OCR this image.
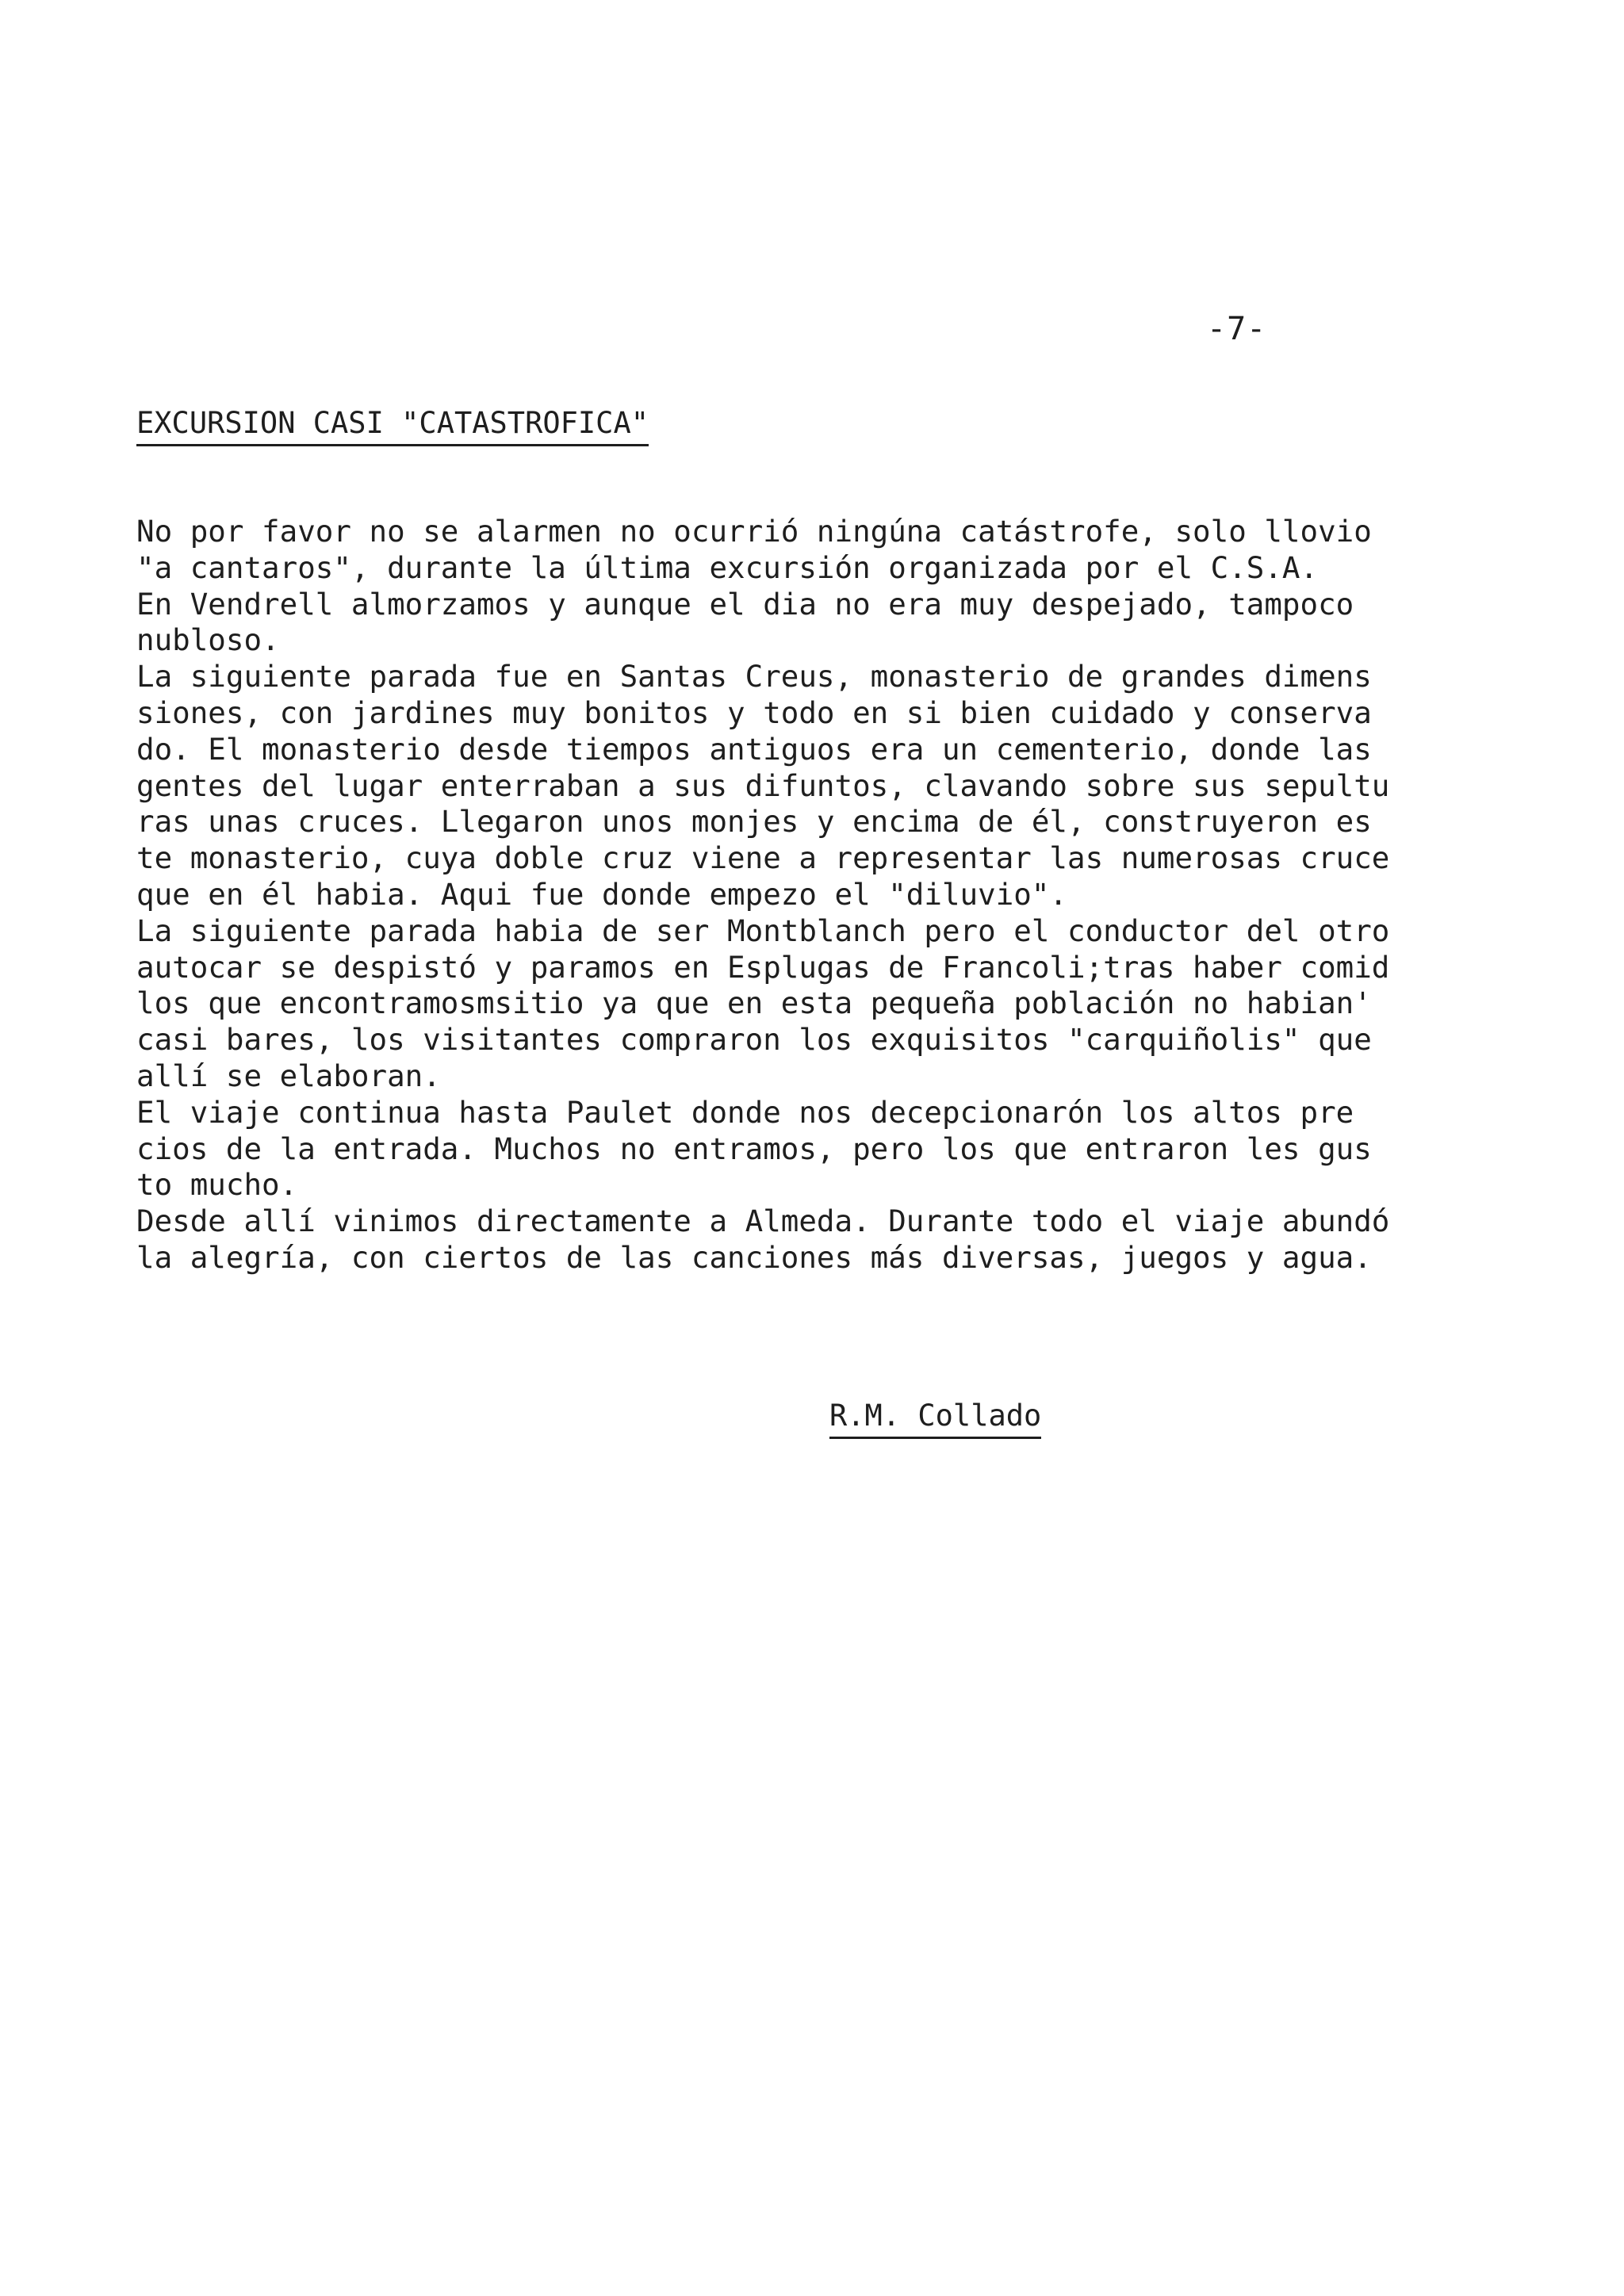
-7-
EXCURSION CASI "CATASTROFICA"
No por favor no se alarmen no ocurrió ningúna catástrofe, solo llovio
"a cantaros", durante la última excursión organizada por el C.S.A.
En Vendrell almorzamos y aunque el dia no era muy despejado, tampoco
nubloso.
La siguiente parada fue en Santas Creus, monasterio de grandes dimens
siones, con jardines muy bonitos y todo en si bien cuidado y conserva
do. El monasterio desde tiempos antiguos era un cementerio, donde las
gentes del lugar enterraban a sus difuntos, clavando sobre sus sepultu
ras unas cruces. Llegaron unos monjes y encima de él, construyeron es
te monasterio, cuya doble cruz viene a representar las numerosas cruce
que en él habia. Aqui fue donde empezo el "diluvio".
La siguiente parada habia de ser Montblanch pero el conductor del otro
autocar se despistó y paramos en Esplugas de Francoli;tras haber comid
los que encontramosmsitio ya que en esta pequeña población no habian'
casi bares, los visitantes compraron los exquisitos "carquiñolis" que
allí se elaboran.
El viaje continua hasta Paulet donde nos decepcionarón los altos pre
cios de la entrada. Muchos no entramos, pero los que entraron les gus
to mucho.
Desde allí vinimos directamente a Almeda. Durante todo el viaje abundó
la alegría, con ciertos de las canciones más diversas, juegos y agua.
R.M. Collado
